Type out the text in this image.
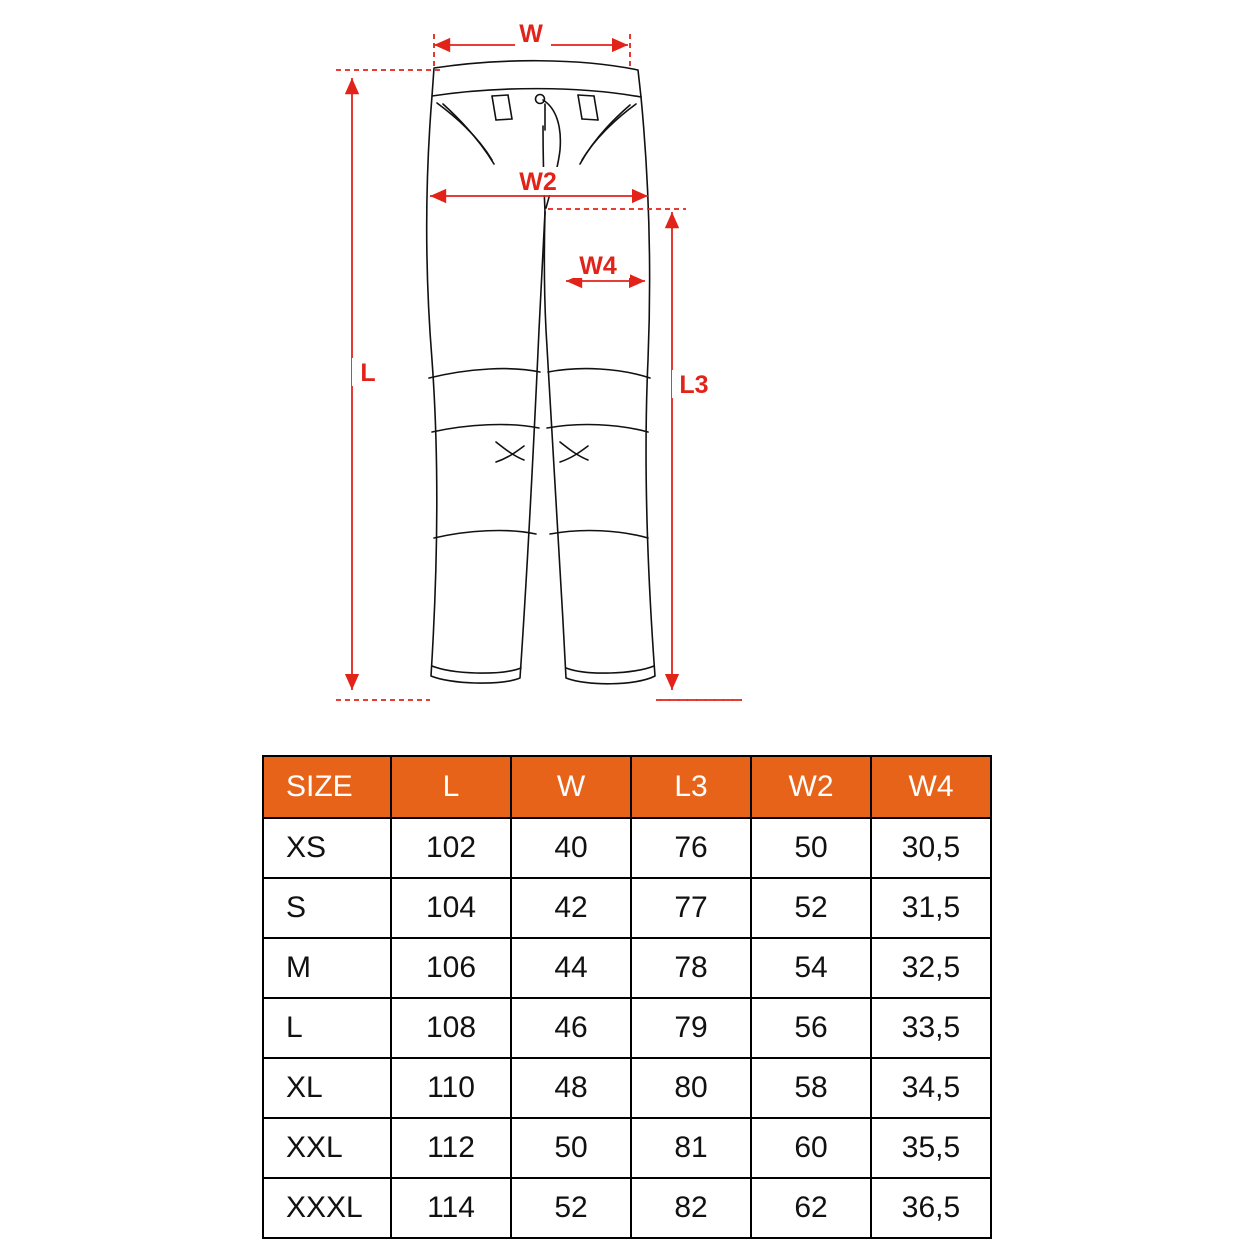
W
W2
W4
L	L3
SIZE	L	W	L3	W2	W4
XS	102	40	76	50	30,5
S	104	42	77	52	31,5
M	106	44	78	54	32,5
L	108	46	79	56	33,5
XL	110	48	80	58	34,5
XXL	112	50	81	60	35,5
XXXL	114	52	82	62	36,5
